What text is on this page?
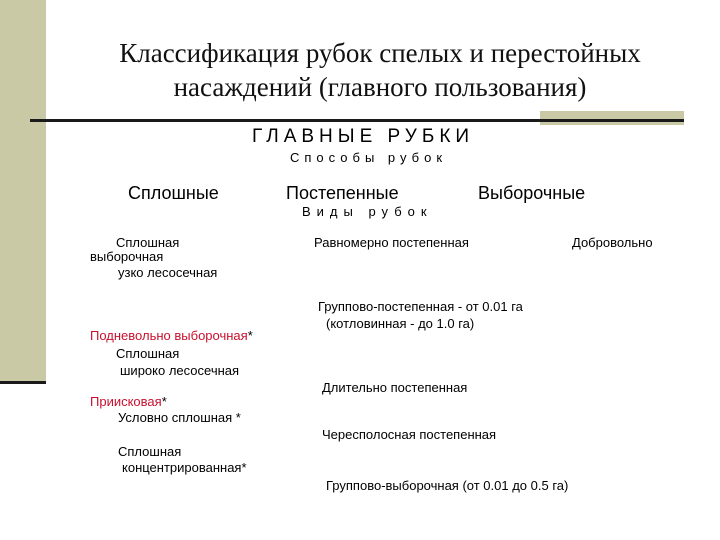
Классификация рубок спелых и перестойных
насаждений (главного пользования)
ГЛАВНЫЕ РУБКИ
Способы рубок
Сплошные	Постепенные	Выборочные
Виды рубок
Сплошная
выборочная
узко лесосечная
Подневольно выборочная*
Сплошная
широко лесосечная
Приисковая*
Условно сплошная *
Сплошная
концентрированная*
Равномерно постепенная
Группово-постепенная - от 0.01 га
(котловинная - до 1.0 га)
Длительно постепенная
Чересполосная постепенная
Группово-выборочная (от 0.01 до 0.5 га)
Добровольно
